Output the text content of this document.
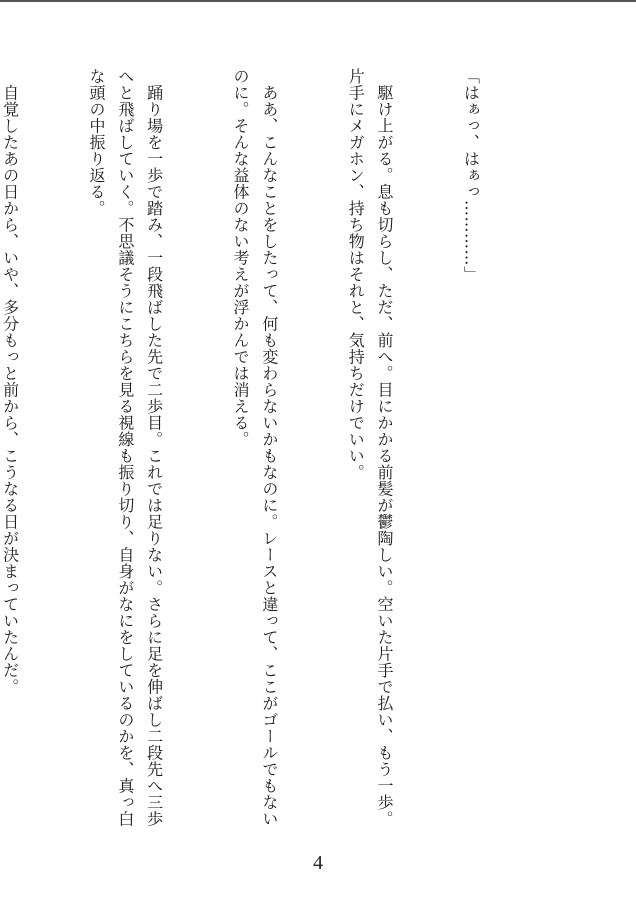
「はぁっ、はぁっ…………」

　駆け上がる。息も切らし、ただ、前へ。目にかかる前髪が鬱陶しい。空いた片手で払い、もう一歩。片手にメガホン、持ち物はそれと、気持ちだけでいい。

　ああ、こんなことをしたって、何も変わらないかもなのに。レースと違って、ここがゴールでもないのに。そんな益体のない考えが浮かんでは消える。

　踊り場を一歩で踏み、一段飛ばした先で二歩目。これでは足りない。さらに足を伸ばし二段先へ三歩へと飛ばしていく。不思議そうにこちらを見る視線も振り切り、自身がなにをしているのかを、真っ白な頭の中振り返る。

　自覚したあの日から、いや、多分もっと前から、こうなる日が決まっていたんだ。

4
